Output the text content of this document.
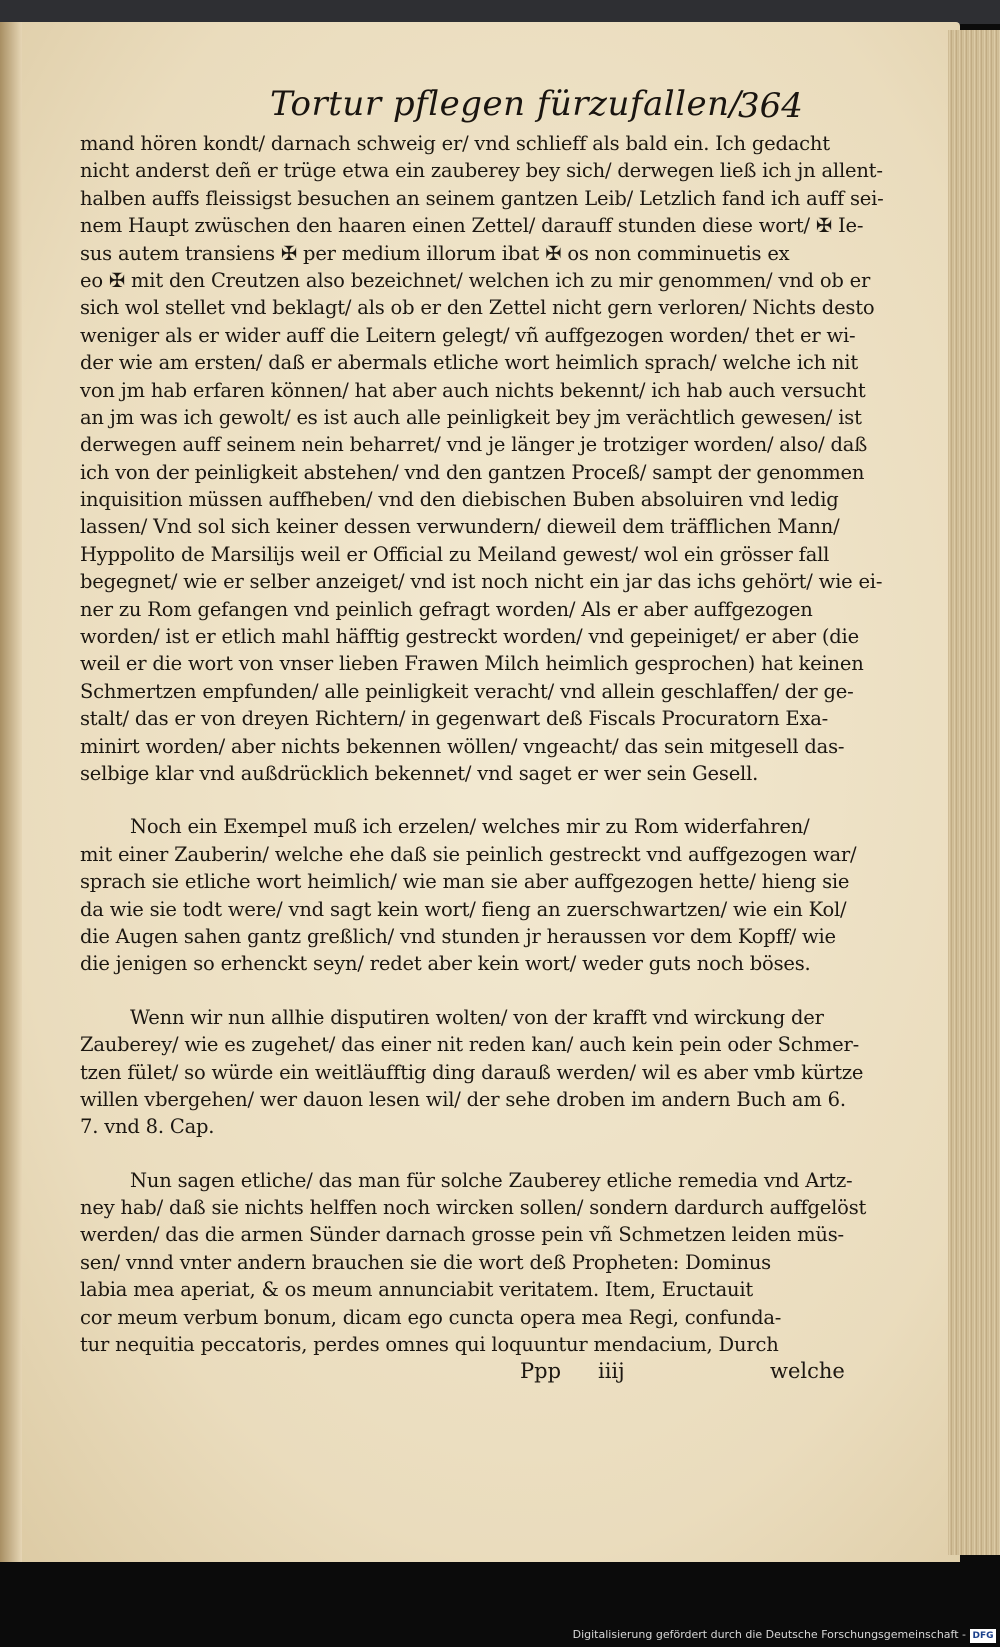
Tortur pflegen fürzufallen/
364
mand hören kondt/ darnach schweig er/ vnd schlieff als bald ein. Ich gedacht
nicht anderst deñ er trüge etwa ein zauberey bey sich/ derwegen ließ ich jn allent-
halben auffs fleissigst besuchen an seinem gantzen Leib/ Letzlich fand ich auff sei-
nem Haupt zwüschen den haaren einen Zettel/ darauff stunden diese wort/ ✠ Ie-
sus autem transiens ✠ per medium illorum ibat ✠ os non comminuetis ex
eo ✠ mit den Creutzen also bezeichnet/ welchen ich zu mir genommen/ vnd ob er
sich wol stellet vnd beklagt/ als ob er den Zettel nicht gern verloren/ Nichts desto
weniger als er wider auff die Leitern gelegt/ vñ auffgezogen worden/ thet er wi-
der wie am ersten/ daß er abermals etliche wort heimlich sprach/ welche ich nit
von jm hab erfaren können/ hat aber auch nichts bekennt/ ich hab auch versucht
an jm was ich gewolt/ es ist auch alle peinligkeit bey jm verächtlich gewesen/ ist
derwegen auff seinem nein beharret/ vnd je länger je trotziger worden/ also/ daß
ich von der peinligkeit abstehen/ vnd den gantzen Proceß/ sampt der genommen
inquisition müssen auffheben/ vnd den diebischen Buben absoluiren vnd ledig
lassen/ Vnd sol sich keiner dessen verwundern/ dieweil dem träfflichen Mann/
Hyppolito de Marsilijs weil er Official zu Meiland gewest/ wol ein grösser fall
begegnet/ wie er selber anzeiget/ vnd ist noch nicht ein jar das ichs gehört/ wie ei-
ner zu Rom gefangen vnd peinlich gefragt worden/ Als er aber auffgezogen
worden/ ist er etlich mahl häfftig gestreckt worden/ vnd gepeiniget/ er aber (die
weil er die wort von vnser lieben Frawen Milch heimlich gesprochen) hat keinen
Schmertzen empfunden/ alle peinligkeit veracht/ vnd allein geschlaffen/ der ge-
stalt/ das er von dreyen Richtern/ in gegenwart deß Fiscals Procuratorn Exa-
minirt worden/ aber nichts bekennen wöllen/ vngeacht/ das sein mitgesell das-
selbige klar vnd außdrücklich bekennet/ vnd saget er wer sein Gesell.
Noch ein Exempel muß ich erzelen/ welches mir zu Rom widerfahren/
mit einer Zauberin/ welche ehe daß sie peinlich gestreckt vnd auffgezogen war/
sprach sie etliche wort heimlich/ wie man sie aber auffgezogen hette/ hieng sie
da wie sie todt were/ vnd sagt kein wort/ fieng an zuerschwartzen/ wie ein Kol/
die Augen sahen gantz greßlich/ vnd stunden jr heraussen vor dem Kopff/ wie
die jenigen so erhenckt seyn/ redet aber kein wort/ weder guts noch böses.
Wenn wir nun allhie disputiren wolten/ von der krafft vnd wirckung der
Zauberey/ wie es zugehet/ das einer nit reden kan/ auch kein pein oder Schmer-
tzen fület/ so würde ein weitläufftig ding darauß werden/ wil es aber vmb kürtze
willen vbergehen/ wer dauon lesen wil/ der sehe droben im andern Buch am 6.
7. vnd 8. Cap.
Nun sagen etliche/ das man für solche Zauberey etliche remedia vnd Artz-
ney hab/ daß sie nichts helffen noch wircken sollen/ sondern dardurch auffgelöst
werden/ das die armen Sünder darnach grosse pein vñ Schmetzen leiden müs-
sen/ vnnd vnter andern brauchen sie die wort deß Propheten: Dominus
labia mea aperiat, & os meum annunciabit veritatem. Item, Eructauit
cor meum verbum bonum, dicam ego cuncta opera mea Regi, confunda-
tur nequitia peccatoris, perdes omnes qui loquuntur mendacium, Durch
Ppp iiij	welche
Digitalisierung gefördert durch die Deutsche Forschungsgemeinschaft - DFG
